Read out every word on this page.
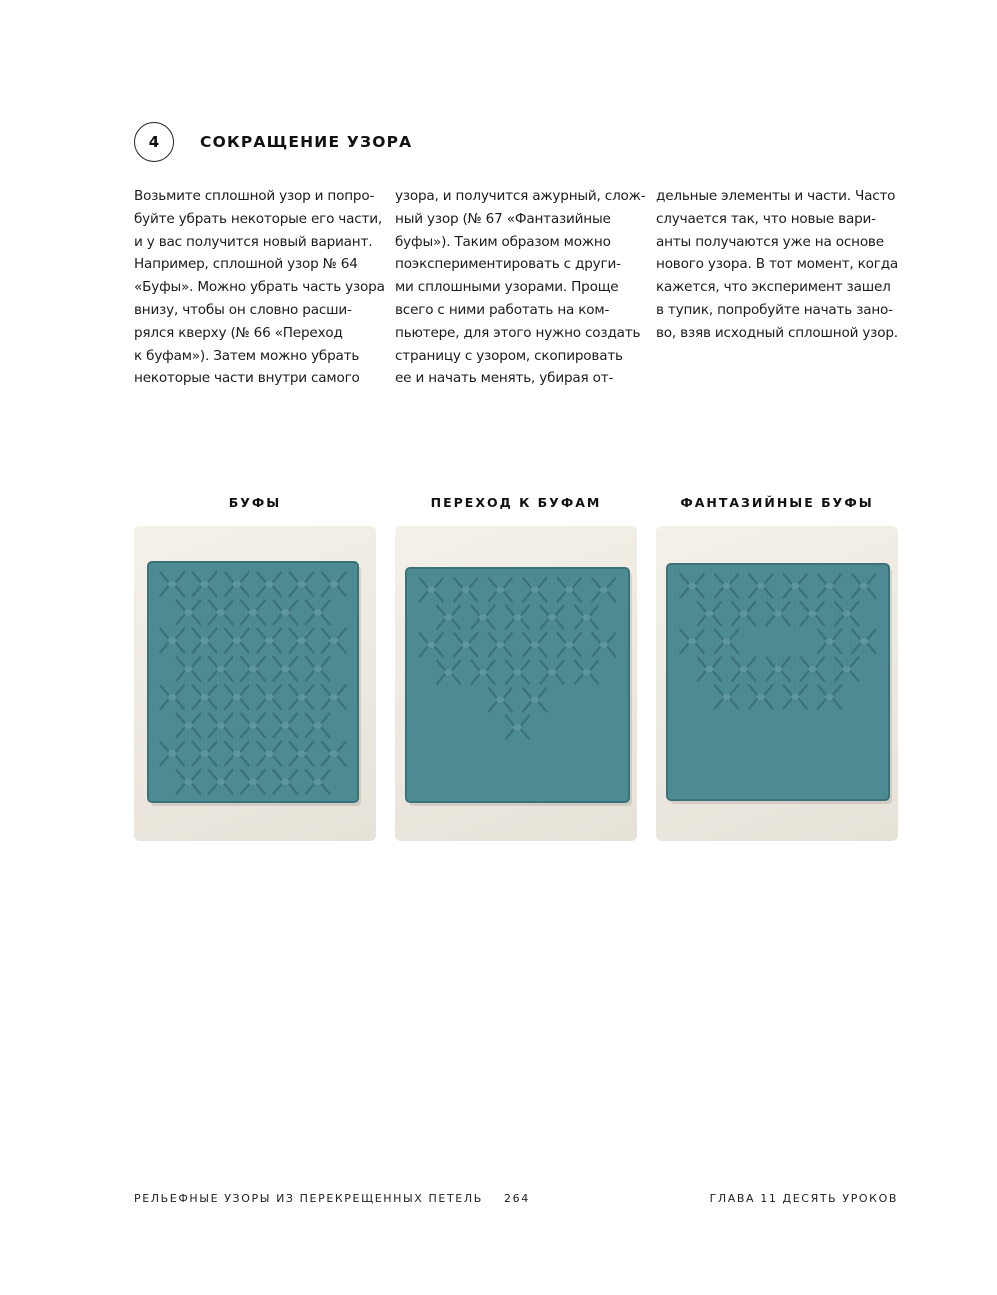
4	СОКРАЩЕНИЕ УЗОРА
Возьмите сплошной узор и попро-
буйте убрать некоторые его части,
и у вас получится новый вариант.
Например, сплошной узор № 64
«Буфы». Можно убрать часть узора
внизу, чтобы он словно расши-
рялся кверху (№ 66 «Переход
к буфам»). Затем можно убрать
некоторые части внутри самого
узора, и получится ажурный, слож-
ный узор (№ 67 «Фантазийные
буфы»). Таким образом можно
поэкспериментировать с други-
ми сплошными узорами. Проще
всего с ними работать на ком-
пьютере, для этого нужно создать
страницу с узором, скопировать
ее и начать менять, убирая от-
дельные элементы и части. Часто
случается так, что новые вари-
анты получаются уже на основе
нового узора. В тот момент, когда
кажется, что эксперимент зашел
в тупик, попробуйте начать зано-
во, взяв исходный сплошной узор.
БУФЫ	ПЕРЕХОД К БУФАМ	ФАНТАЗИЙНЫЕ БУФЫ
РЕЛЬЕФНЫЕ УЗОРЫ ИЗ ПЕРЕКРЕЩЕННЫХ ПЕТЕЛЬ 264	ГЛАВА 11 ДЕСЯТЬ УРОКОВ
